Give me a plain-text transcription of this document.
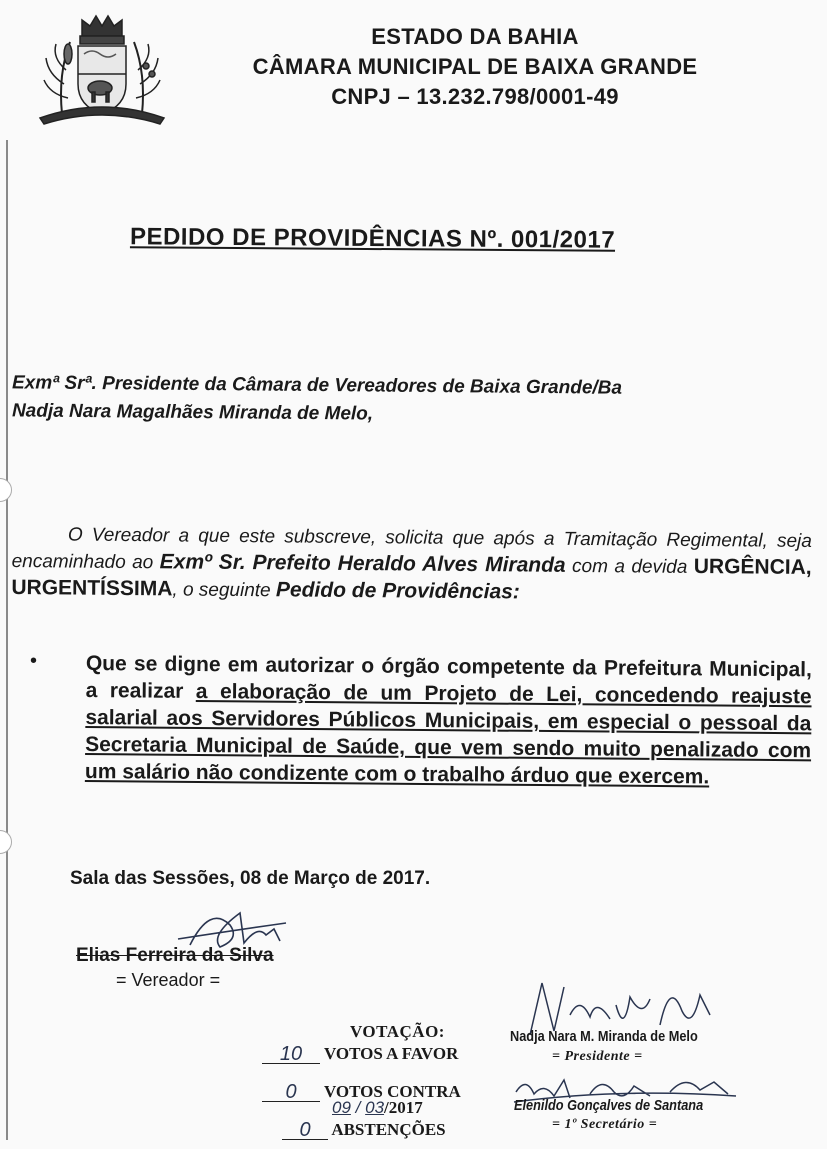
ESTADO DA BAHIA
CÂMARA MUNICIPAL DE BAIXA GRANDE
CNPJ – 13.232.798/0001-49
PEDIDO DE PROVIDÊNCIAS Nº. 001/2017
Exmª Srª. Presidente da Câmara de Vereadores de Baixa Grande/Ba
Nadja Nara Magalhães Miranda de Melo,
O Vereador a que este subscreve, solicita que após a Tramitação Regimental, seja encaminhado ao Exmº Sr. Prefeito Heraldo Alves Miranda com a devida URGÊNCIA, URGENTÍSSIMA, o seguinte Pedido de Providências:
• Que se digne em autorizar o órgão competente da Prefeitura Municipal, a realizar a elaboração de um Projeto de Lei, concedendo reajuste salarial aos Servidores Públicos Municipais, em especial o pessoal da Secretaria Municipal de Saúde, que vem sendo muito penalizado com um salário não condizente com o trabalho árduo que exercem.
Sala das Sessões, 08 de Março de 2017.
Elias Ferreira da Silva
= Vereador =
VOTAÇÃO:
10 VOTOS A FAVOR
0 VOTOS CONTRA
09 / 03/2017
0 ABSTENÇÕES
Nadja Nara M. Miranda de Melo
= Presidente =
Elenildo Gonçalves de Santana
= 1º Secretário =
